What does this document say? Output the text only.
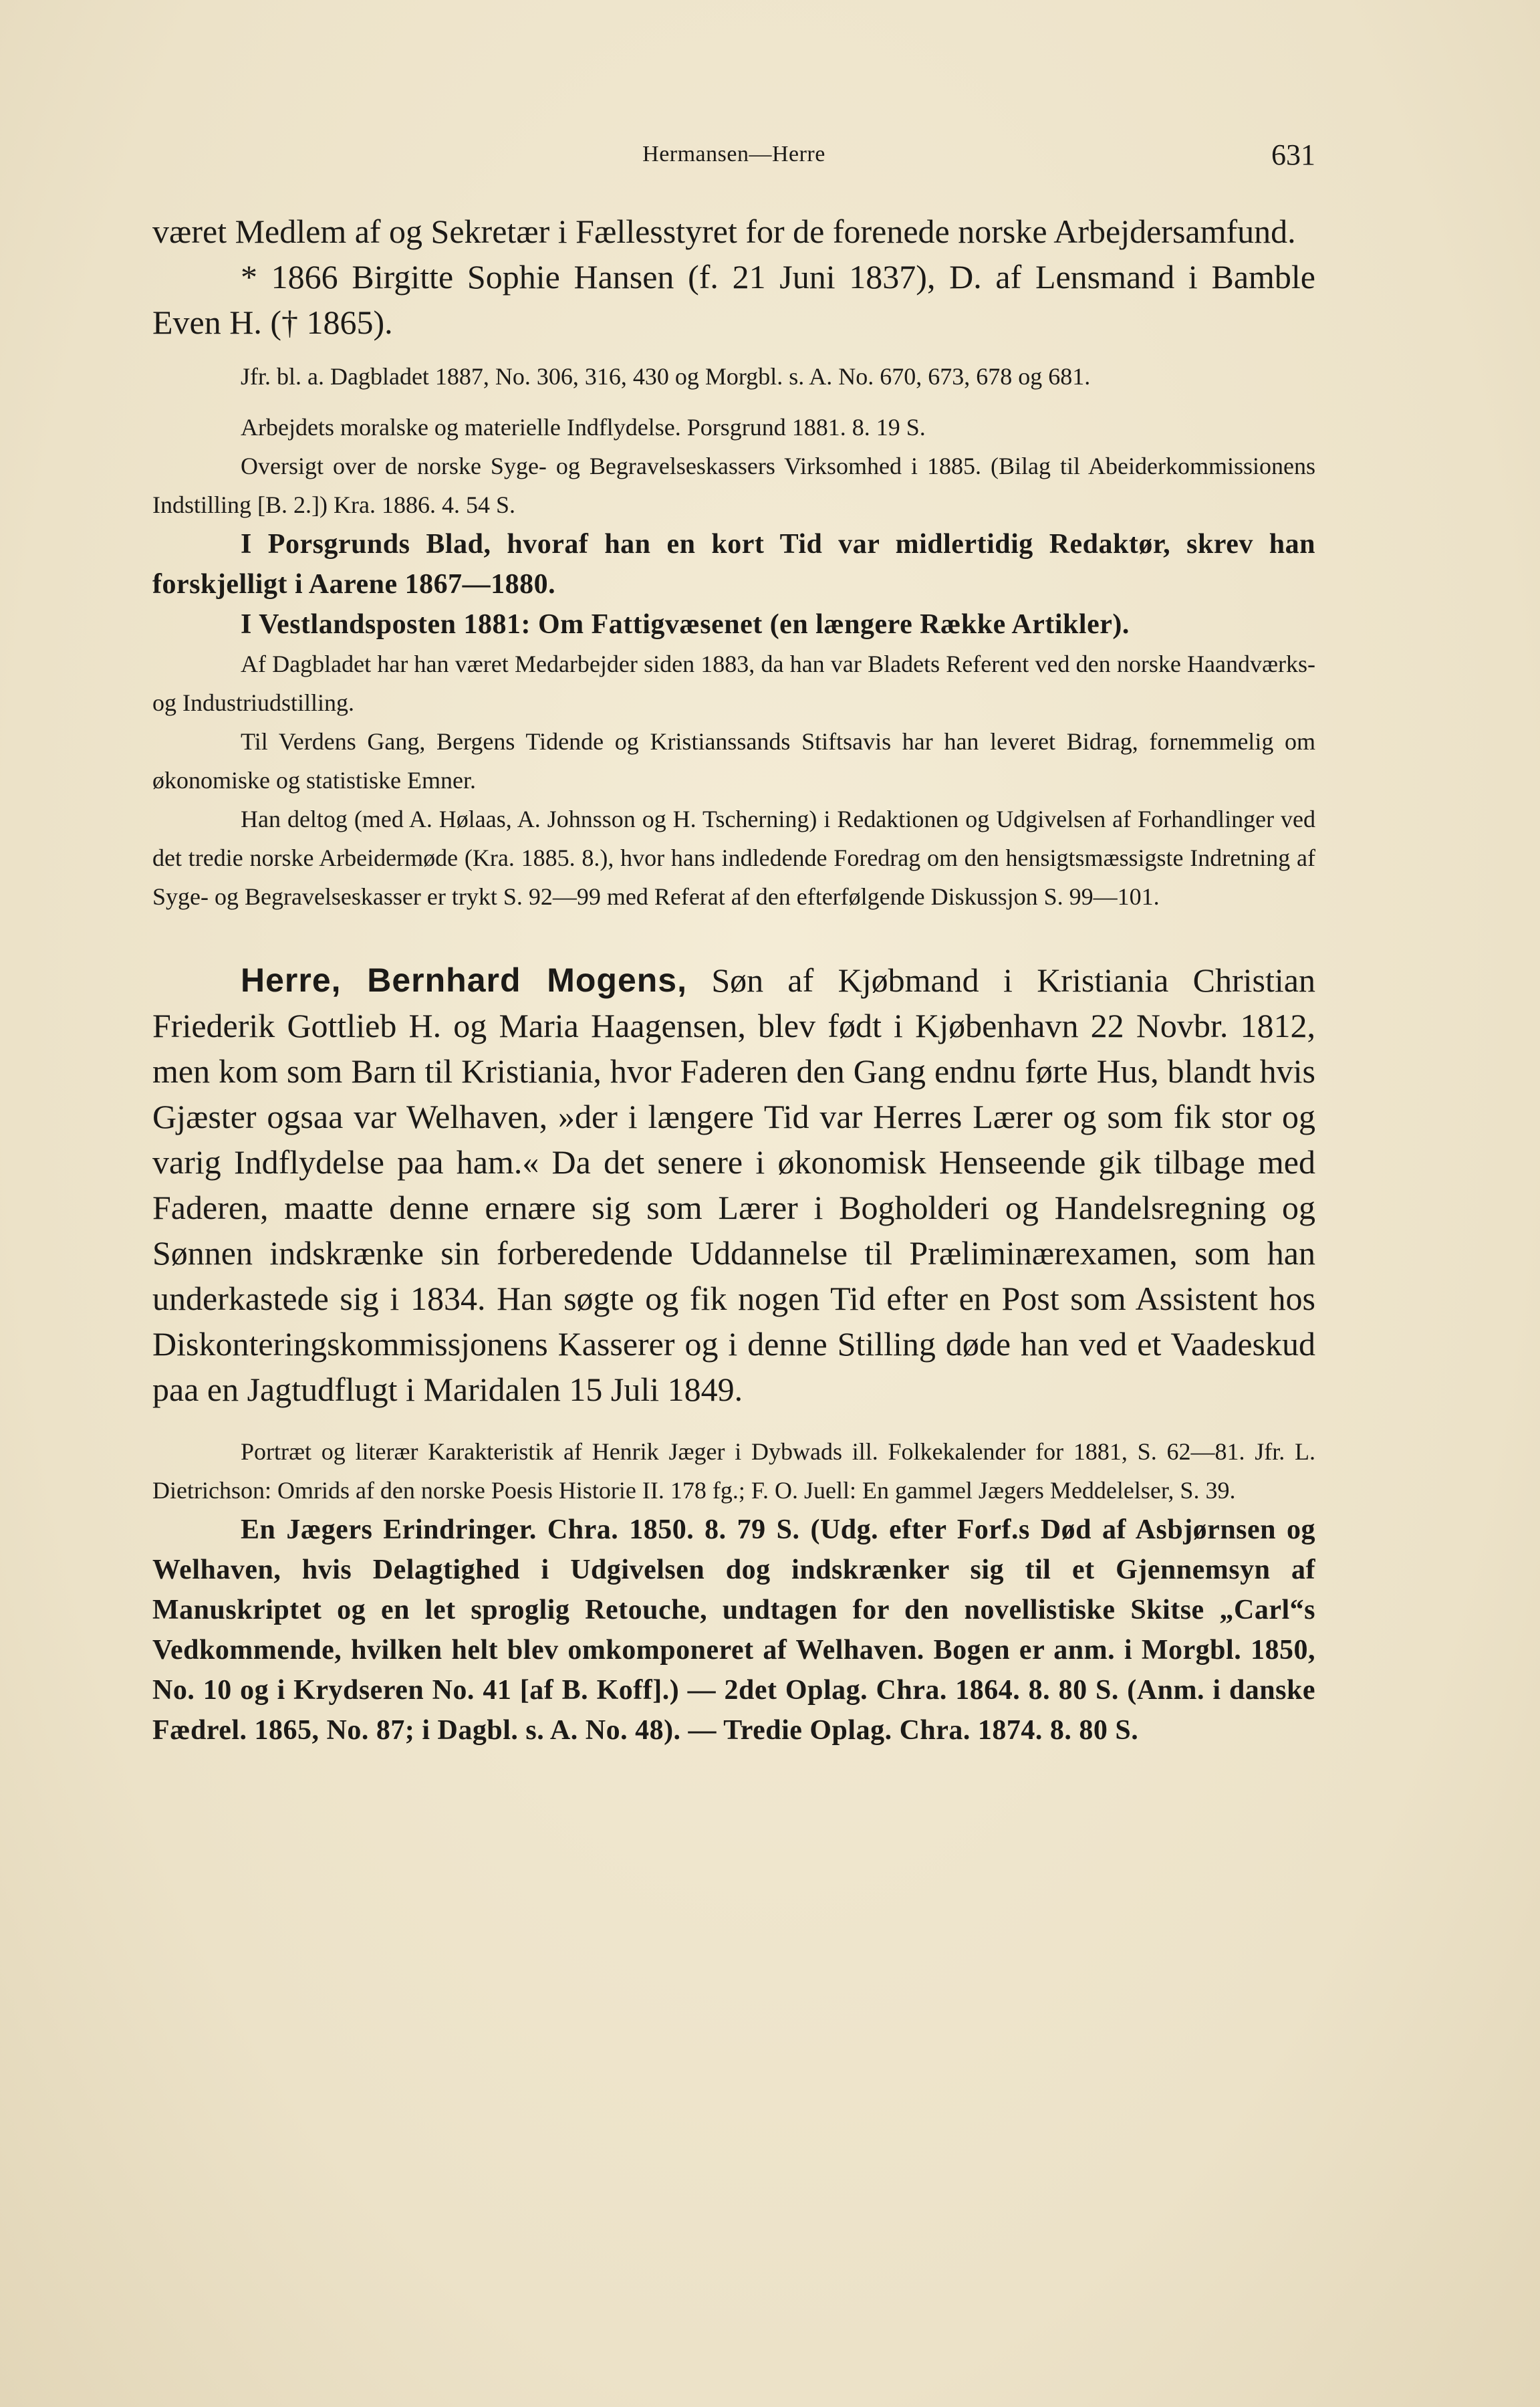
Hermansen—Herre	631

været Medlem af og Sekretær i Fællesstyret for de forenede norske Arbejdersamfund.

* 1866 Birgitte Sophie Hansen (f. 21 Juni 1837), D. af Lensmand i Bamble Even H. († 1865).

Jfr. bl. a. Dagbladet 1887, No. 306, 316, 430 og Morgbl. s. A. No. 670, 673, 678 og 681.

Arbejdets moralske og materielle Indflydelse. Porsgrund 1881. 8. 19 S.

Oversigt over de norske Syge- og Begravelseskassers Virksomhed i 1885. (Bilag til Abeiderkommissionens Indstilling [B. 2.]) Kra. 1886. 4. 54 S.

I Porsgrunds Blad, hvoraf han en kort Tid var midlertidig Redaktør, skrev han forskjelligt i Aarene 1867—1880.

I Vestlandsposten 1881: Om Fattigvæsenet (en længere Række Artikler).

Af Dagbladet har han været Medarbejder siden 1883, da han var Bladets Referent ved den norske Haandværks- og Industriudstilling.

Til Verdens Gang, Bergens Tidende og Kristianssands Stiftsavis har han leveret Bidrag, fornemmelig om økonomiske og statistiske Emner.

Han deltog (med A. Hølaas, A. Johnsson og H. Tscherning) i Redaktionen og Udgivelsen af Forhandlinger ved det tredie norske Arbeidermøde (Kra. 1885. 8.), hvor hans indledende Foredrag om den hensigtsmæssigste Indretning af Syge- og Begravelseskasser er trykt S. 92—99 med Referat af den efterfølgende Diskussjon S. 99—101.

Herre, Bernhard Mogens, Søn af Kjøbmand i Kristiania Christian Friederik Gottlieb H. og Maria Haagensen, blev født i Kjøbenhavn 22 Novbr. 1812, men kom som Barn til Kristiania, hvor Faderen den Gang endnu førte Hus, blandt hvis Gjæster ogsaa var Welhaven, »der i længere Tid var Herres Lærer og som fik stor og varig Indflydelse paa ham.« Da det senere i økonomisk Henseende gik tilbage med Faderen, maatte denne ernære sig som Lærer i Bogholderi og Handelsregning og Sønnen indskrænke sin forberedende Uddannelse til Præliminærexamen, som han underkastede sig i 1834. Han søgte og fik nogen Tid efter en Post som Assistent hos Diskonteringskommissjonens Kasserer og i denne Stilling døde han ved et Vaadeskud paa en Jagtudflugt i Maridalen 15 Juli 1849.

Portræt og literær Karakteristik af Henrik Jæger i Dybwads ill. Folkekalender for 1881, S. 62—81. Jfr. L. Dietrichson: Omrids af den norske Poesis Historie II. 178 fg.; F. O. Juell: En gammel Jægers Meddelelser, S. 39.

En Jægers Erindringer. Chra. 1850. 8. 79 S. (Udg. efter Forf.s Død af Asbjørnsen og Welhaven, hvis Delagtighed i Udgivelsen dog indskrænker sig til et Gjennemsyn af Manuskriptet og en let sproglig Retouche, undtagen for den novellistiske Skitse „Carl“s Vedkommende, hvilken helt blev omkomponeret af Welhaven. Bogen er anm. i Morgbl. 1850, No. 10 og i Krydseren No. 41 [af B. Koff].) — 2det Oplag. Chra. 1864. 8. 80 S. (Anm. i danske Fædrel. 1865, No. 87; i Dagbl. s. A. No. 48). — Tredie Oplag. Chra. 1874. 8. 80 S.
